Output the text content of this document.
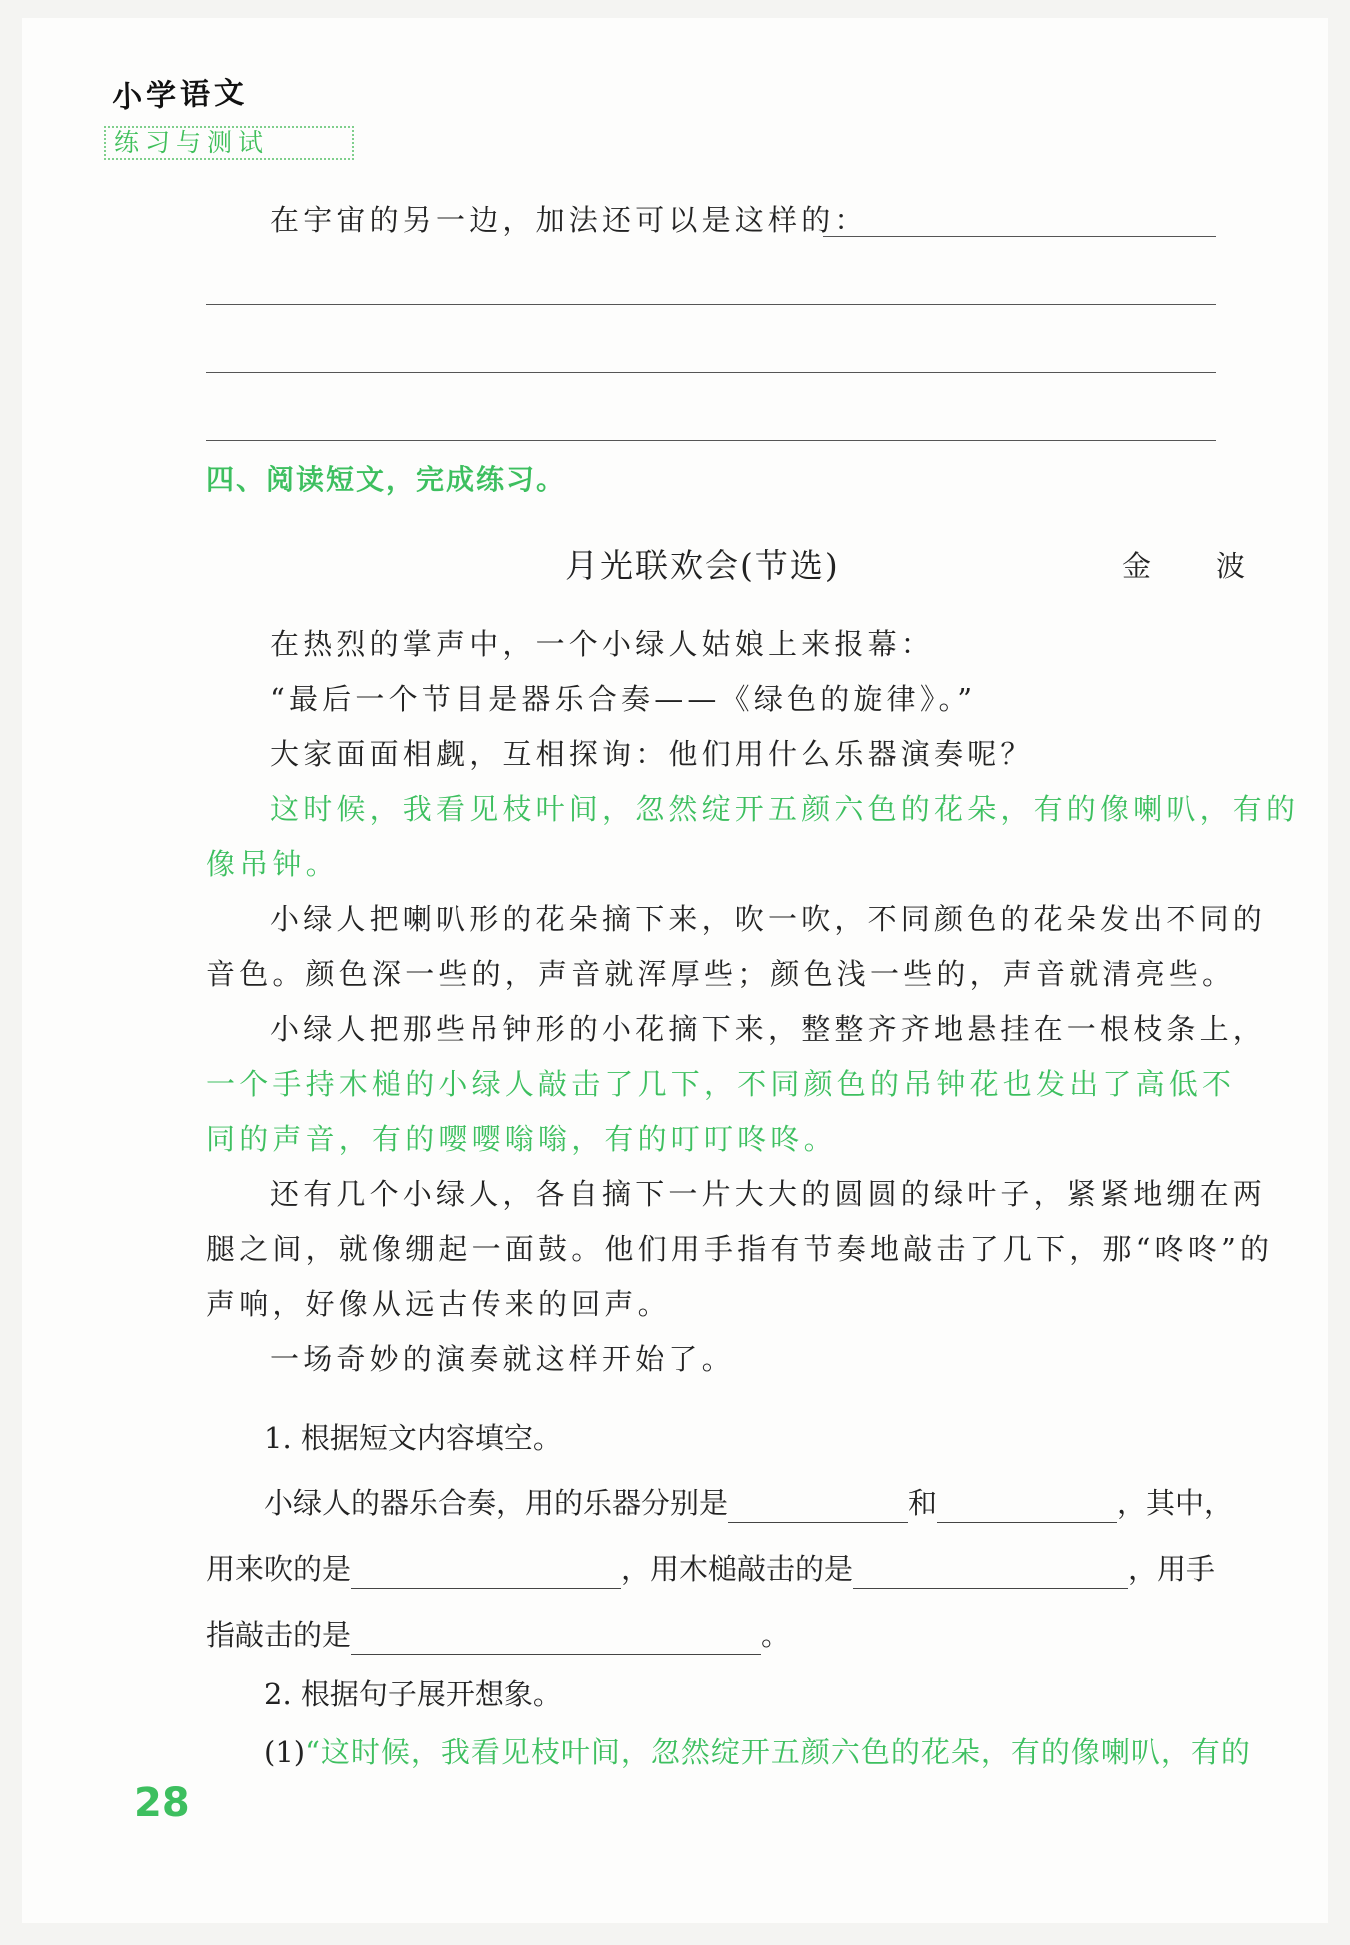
小学语文
练习与测试
在宇宙的另一边，加法还可以是这样的：
四、阅读短文，完成练习。
月光联欢会(节选)	金　波
在热烈的掌声中，一个小绿人姑娘上来报幕：
“最后一个节目是器乐合奏——《绿色的旋律》。”
大家面面相觑，互相探询：他们用什么乐器演奏呢？
这时候，我看见枝叶间，忽然绽开五颜六色的花朵，有的像喇叭，有的
像吊钟。
小绿人把喇叭形的花朵摘下来，吹一吹，不同颜色的花朵发出不同的
音色。颜色深一些的，声音就浑厚些；颜色浅一些的，声音就清亮些。
小绿人把那些吊钟形的小花摘下来，整整齐齐地悬挂在一根枝条上，
一个手持木槌的小绿人敲击了几下，不同颜色的吊钟花也发出了高低不
同的声音，有的嘤嘤嗡嗡，有的叮叮咚咚。
还有几个小绿人，各自摘下一片大大的圆圆的绿叶子，紧紧地绷在两
腿之间，就像绷起一面鼓。他们用手指有节奏地敲击了几下，那“咚咚”的
声响，好像从远古传来的回声。
一场奇妙的演奏就这样开始了。
1. 根据短文内容填空。
小绿人的器乐合奏，用的乐器分别是	和	，其中，
用来吹的是	，用木槌敲击的是	，用手
指敲击的是	。
2. 根据句子展开想象。
(1)“这时候，我看见枝叶间，忽然绽开五颜六色的花朵，有的像喇叭，有的
28
